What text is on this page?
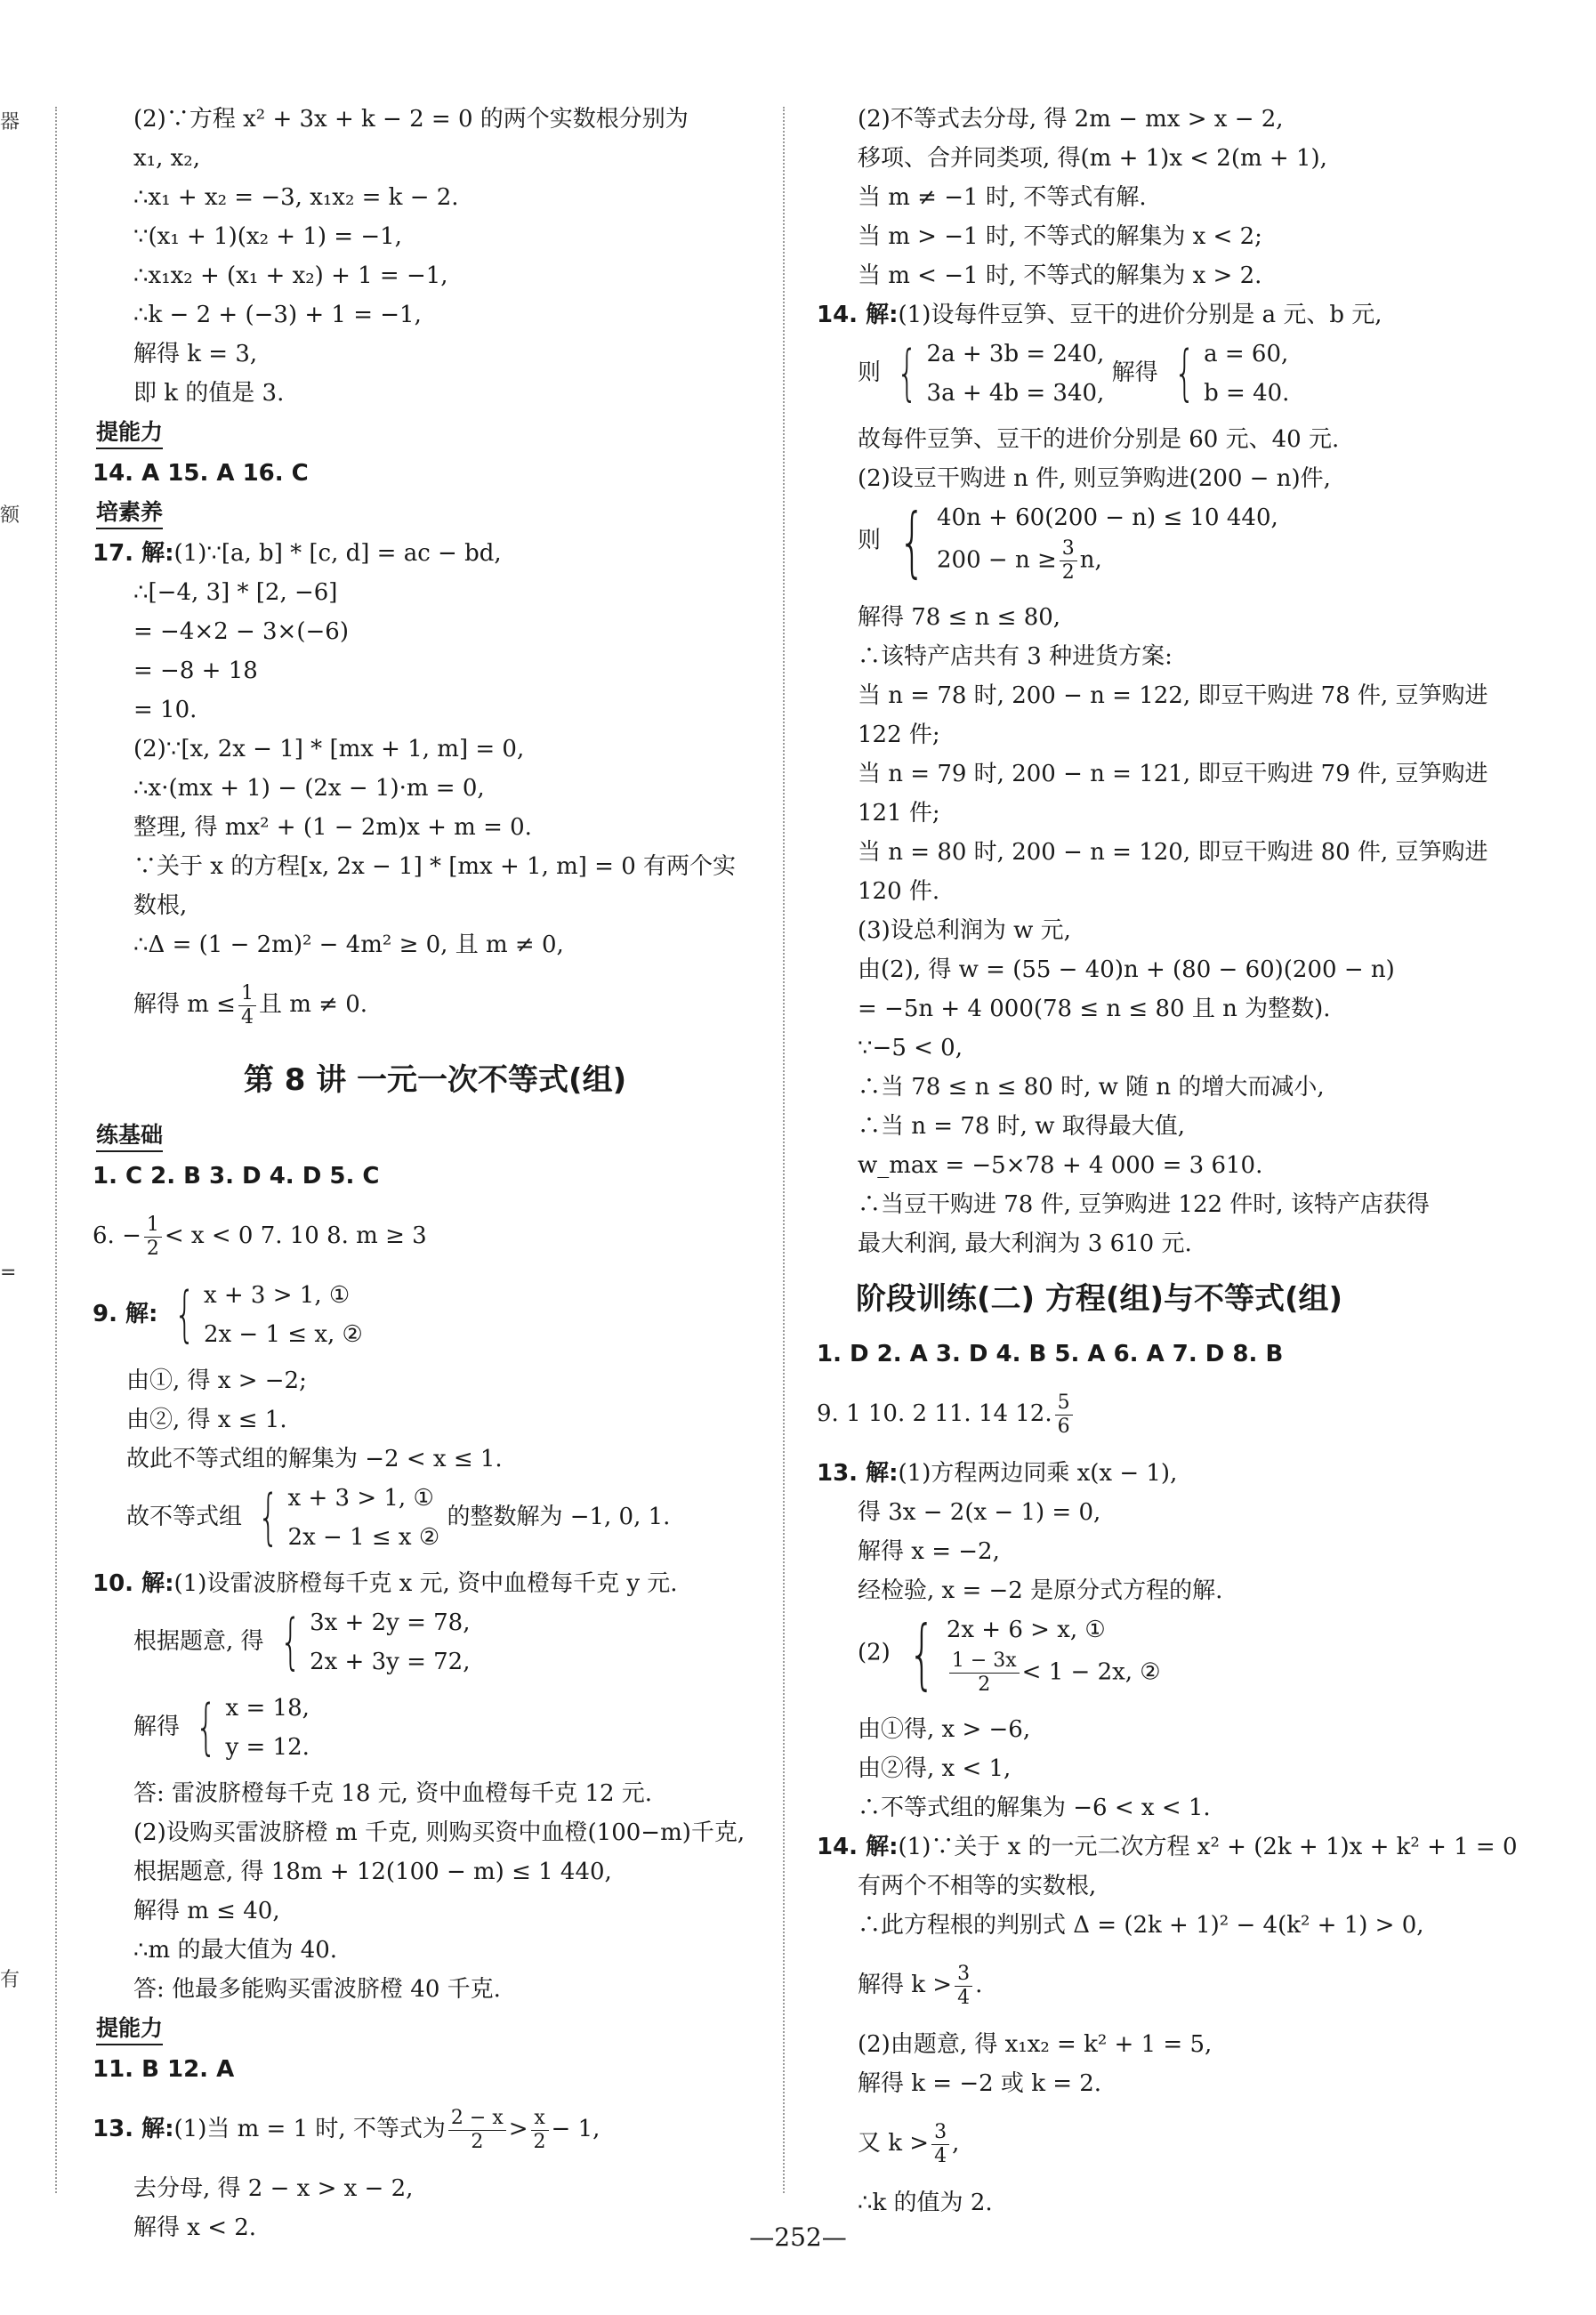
器
额
=
有
(2)∵方程 x² + 3x + k − 2 = 0 的两个实数根分别为
x₁, x₂,
∴x₁ + x₂ = −3, x₁x₂ = k − 2.
∵(x₁ + 1)(x₂ + 1) = −1,
∴x₁x₂ + (x₁ + x₂) + 1 = −1,
∴k − 2 + (−3) + 1 = −1,
解得 k = 3,
即 k 的值是 3.
提能力
14. A 15. A 16. C
培素养
17. 解:(1)∵[a, b] * [c, d] = ac − bd,
∴[−4, 3] * [2, −6]
= −4×2 − 3×(−6)
= −8 + 18
= 10.
(2)∵[x, 2x − 1] * [mx + 1, m] = 0,
∴x·(mx + 1) − (2x − 1)·m = 0,
整理, 得 mx² + (1 − 2m)x + m = 0.
∵关于 x 的方程[x, 2x − 1] * [mx + 1, m] = 0 有两个实
数根,
∴Δ = (1 − 2m)² − 4m² ≥ 0, 且 m ≠ 0,
解得 $m \le \frac{1}{4}$ 且 m ≠ 0.
第 8 讲 一元一次不等式(组)
练基础
1. C 2. B 3. D 4. D 5. C
6. − $\frac{1}{2} < x < 0$ 7. 10 8. m ≥ 3
9. 解: { x + 3 > 1, ①
2x − 1 ≤ x, ②
由①, 得 x > −2;
由②, 得 x ≤ 1.
故此不等式组的解集为 −2 < x ≤ 1.
故不等式组 { x + 3 > 1, ①
2x − 1 ≤ x ②
的整数解为 −1, 0, 1.
10. 解:(1)设雷波脐橙每千克 x 元, 资中血橙每千克 y 元.
根据题意, 得 { 3x + 2y = 78,
2x + 3y = 72,
解得 { x = 18,
y = 12.
答: 雷波脐橙每千克 18 元, 资中血橙每千克 12 元.
(2)设购买雷波脐橙 m 千克, 则购买资中血橙(100−m)千克,
根据题意, 得 18m + 12(100 − m) ≤ 1 440,
解得 m ≤ 40,
∴m 的最大值为 40.
答: 他最多能购买雷波脐橙 40 千克.
提能力
11. B 12. A
13. 解:(1)当 m = 1 时, 不等式为 $\frac{2 - x}{2} > \frac{x}{2} - 1$,
去分母, 得 2 − x > x − 2,
解得 x < 2.
(2)不等式去分母, 得 2m − mx > x − 2,
移项、合并同类项, 得(m + 1)x < 2(m + 1),
当 m ≠ −1 时, 不等式有解.
当 m > −1 时, 不等式的解集为 x < 2;
当 m < −1 时, 不等式的解集为 x > 2.
14. 解:(1)设每件豆笋、豆干的进价分别是 a 元、b 元,
则 { 2a + 3b = 240,
3a + 4b = 340,
解得 { a = 60,
b = 40.
故每件豆笋、豆干的进价分别是 60 元、40 元.
(2)设豆干购进 n 件, 则豆笋购进(200 − n)件,
则 { 40n + 60(200 − n) ≤ 10 440,
$200 - n \ge \frac{3}{2} n$,
解得 78 ≤ n ≤ 80,
∴该特产店共有 3 种进货方案:
当 n = 78 时, 200 − n = 122, 即豆干购进 78 件, 豆笋购进
122 件;
当 n = 79 时, 200 − n = 121, 即豆干购进 79 件, 豆笋购进
121 件;
当 n = 80 时, 200 − n = 120, 即豆干购进 80 件, 豆笋购进
120 件.
(3)设总利润为 w 元,
由(2), 得 w = (55 − 40)n + (80 − 60)(200 − n)
= −5n + 4 000(78 ≤ n ≤ 80 且 n 为整数).
∵−5 < 0,
∴当 78 ≤ n ≤ 80 时, w 随 n 的增大而减小,
∴当 n = 78 时, w 取得最大值,
w_max = −5×78 + 4 000 = 3 610.
∴当豆干购进 78 件, 豆笋购进 122 件时, 该特产店获得
最大利润, 最大利润为 3 610 元.
阶段训练(二) 方程(组)与不等式(组)
1. D 2. A 3. D 4. B 5. A 6. A 7. D 8. B
9. 1 10. 2 11. 14 12. $\frac{5}{6}$
13. 解:(1)方程两边同乘 x(x − 1),
得 3x − 2(x − 1) = 0,
解得 x = −2,
经检验, x = −2 是原分式方程的解.
(2) { 2x + 6 > x, ①
$\frac{1 - 3x}{2} < 1 - 2x$, ②
由①得, x > −6,
由②得, x < 1,
∴不等式组的解集为 −6 < x < 1.
14. 解:(1)∵关于 x 的一元二次方程 x² + (2k + 1)x + k² + 1 = 0
有两个不相等的实数根,
∴此方程根的判别式 Δ = (2k + 1)² − 4(k² + 1) > 0,
解得 $k > \frac{3}{4}$ .
(2)由题意, 得 x₁x₂ = k² + 1 = 5,
解得 k = −2 或 k = 2.
又 $k > \frac{3}{4}$ ,
∴k 的值为 2.
—252—
